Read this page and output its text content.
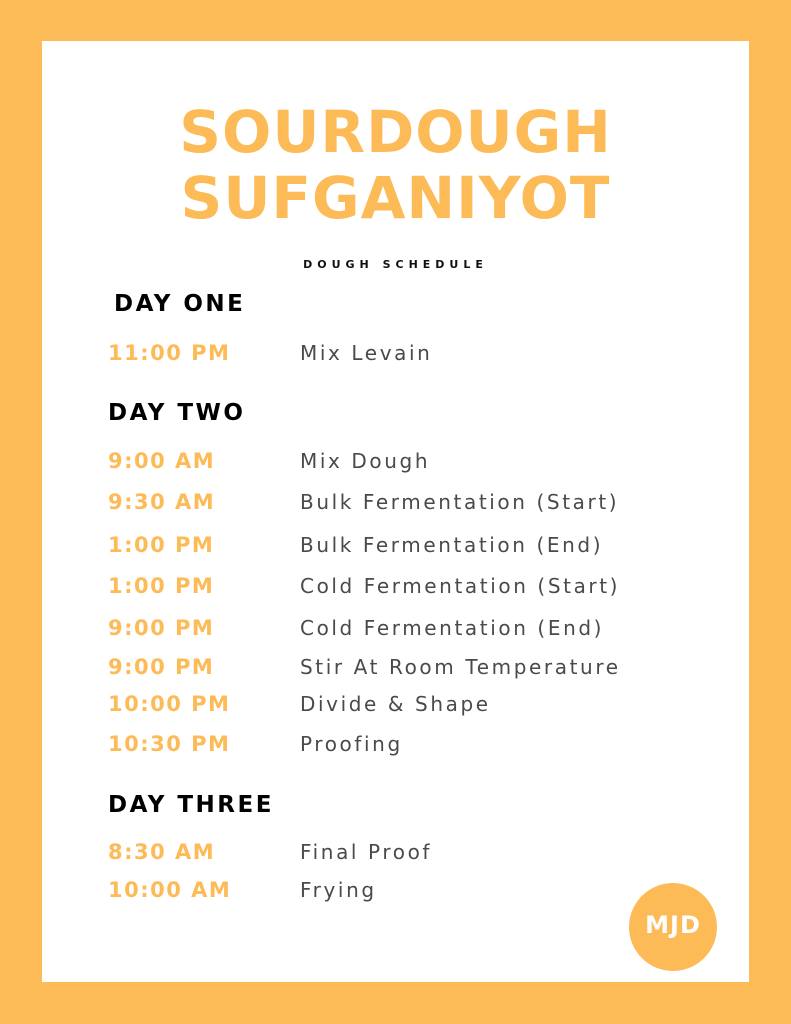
SOURDOUGH
SUFGANIYOT
DOUGH SCHEDULE
DAY ONE
11:00 PM	Mix Levain
DAY TWO
9:00 AM	Mix Dough
9:30 AM	Bulk Fermentation (Start)
1:00 PM	Bulk Fermentation (End)
1:00 PM	Cold Fermentation (Start)
9:00 PM	Cold Fermentation (End)
9:00 PM	Stir At Room Temperature
10:00 PM	Divide & Shape
10:30 PM	Proofing
DAY THREE
8:30 AM	Final Proof
10:00 AM	Frying
MJD
